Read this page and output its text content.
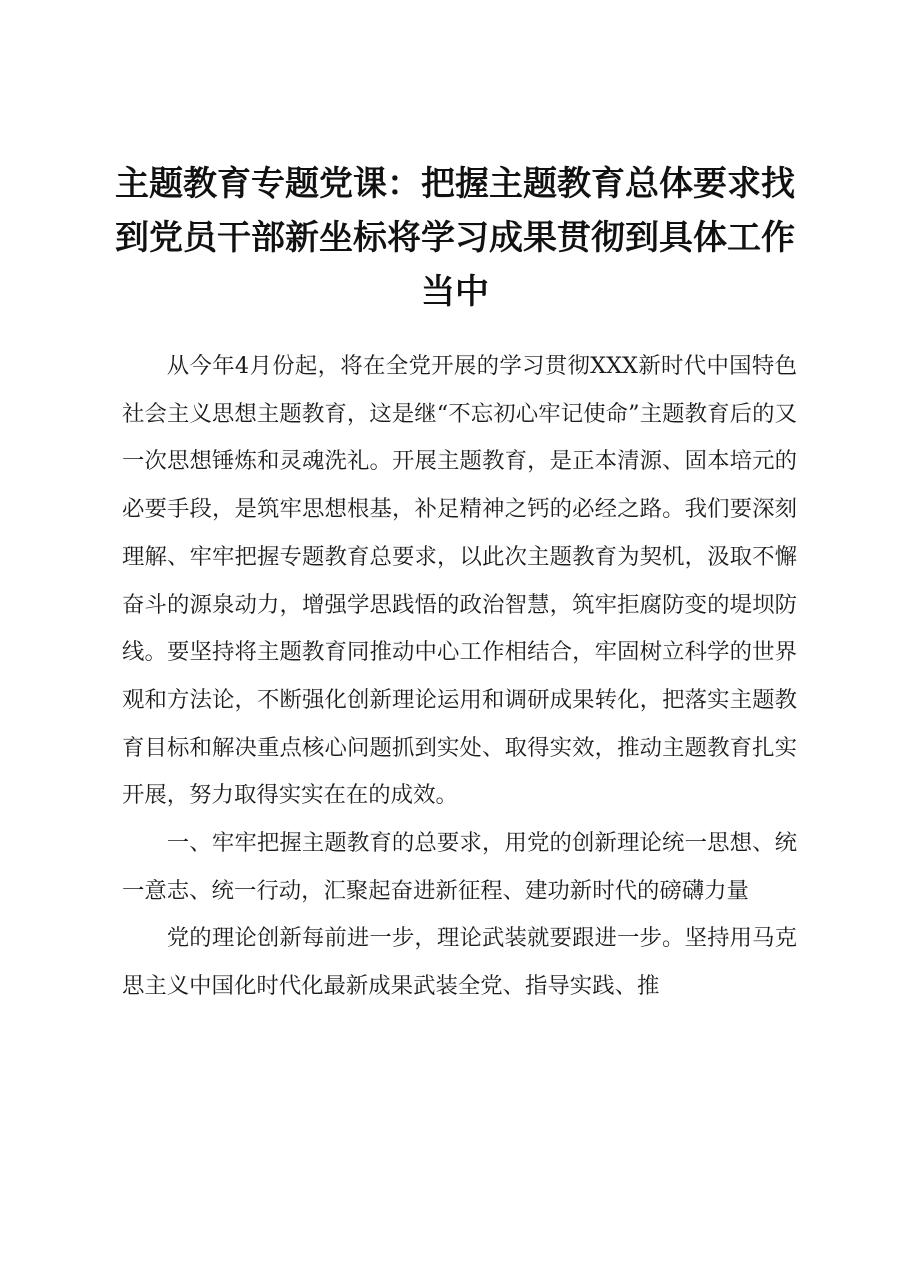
主题教育专题党课：把握主题教育总体要求找到党员干部新坐标将学习成果贯彻到具体工作当中

从今年4月份起，将在全党开展的学习贯彻XXX新时代中国特色社会主义思想主题教育，这是继“不忘初心牢记使命”主题教育后的又一次思想锤炼和灵魂洗礼。开展主题教育，是正本清源、固本培元的必要手段，是筑牢思想根基，补足精神之钙的必经之路。我们要深刻理解、牢牢把握专题教育总要求，以此次主题教育为契机，汲取不懈奋斗的源泉动力，增强学思践悟的政治智慧，筑牢拒腐防变的堤坝防线。要坚持将主题教育同推动中心工作相结合，牢固树立科学的世界观和方法论，不断强化创新理论运用和调研成果转化，把落实主题教育目标和解决重点核心问题抓到实处、取得实效，推动主题教育扎实开展，努力取得实实在在的成效。

一、牢牢把握主题教育的总要求，用党的创新理论统一思想、统一意志、统一行动，汇聚起奋进新征程、建功新时代的磅礴力量

党的理论创新每前进一步，理论武装就要跟进一步。坚持用马克思主义中国化时代化最新成果武装全党、指导实践、推
